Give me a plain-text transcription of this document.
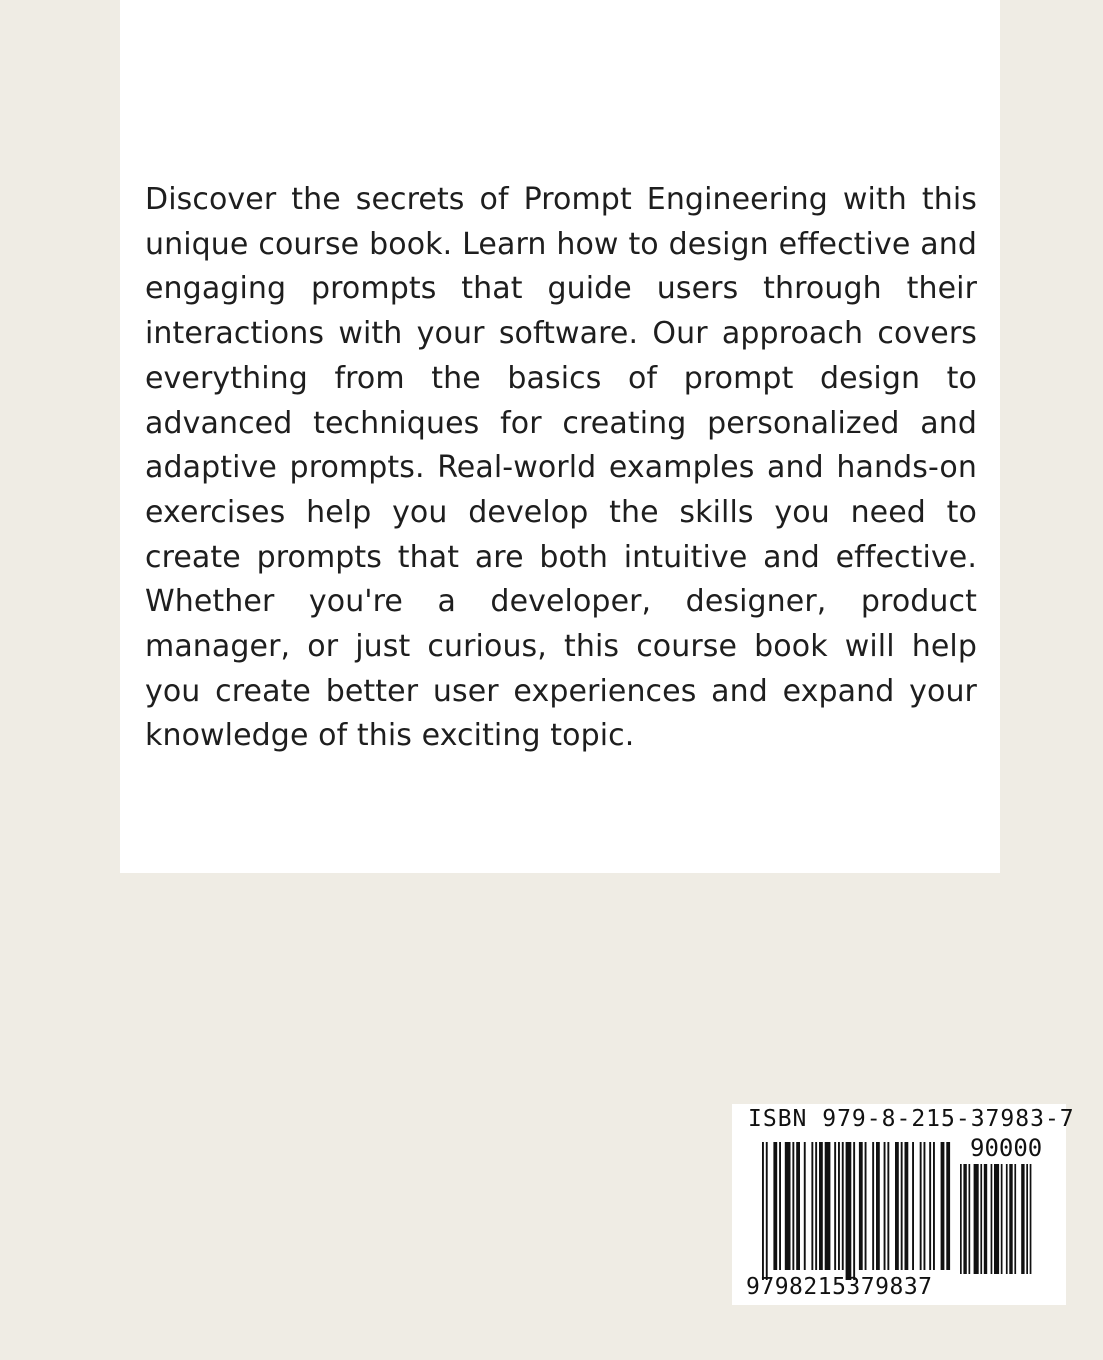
Discover the secrets of Prompt Engineering with this unique course book. Learn how to design effective and engaging prompts that guide users through their interactions with your software. Our approach covers everything from the basics of prompt design to advanced techniques for creating personalized and adaptive prompts. Real-world examples and hands-on exercises help you develop the skills you need to create prompts that are both intuitive and effective. Whether you're a developer, designer, product manager, or just curious, this course book will help you create better user experiences and expand your knowledge of this exciting topic.

ISBN 979-8-215-37983-7
90000
9798215379837
